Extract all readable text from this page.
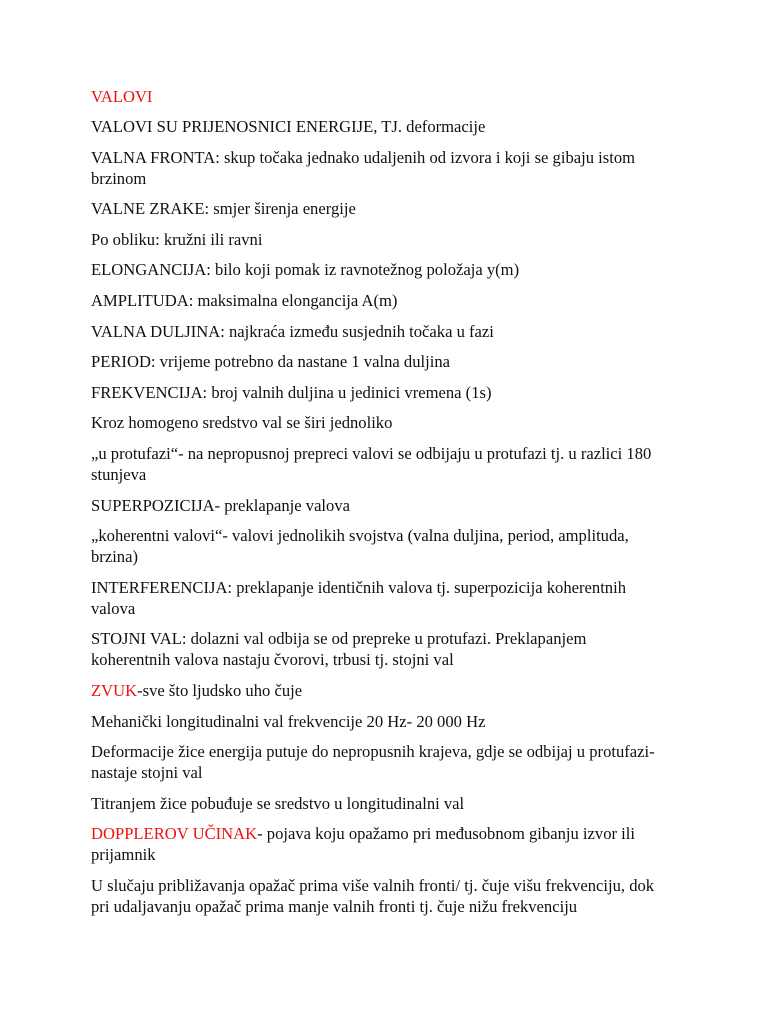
VALOVI

VALOVI SU PRIJENOSNICI ENERGIJE, TJ. deformacije

VALNA FRONTA: skup točaka jednako udaljenih od izvora i koji se gibaju istom brzinom

VALNE ZRAKE: smjer širenja energije

Po obliku: kružni ili ravni

ELONGANCIJA: bilo koji pomak iz ravnotežnog položaja y(m)

AMPLITUDA: maksimalna elongancija A(m)

VALNA DULJINA: najkraća između susjednih točaka u fazi

PERIOD: vrijeme potrebno da nastane 1 valna duljina

FREKVENCIJA: broj valnih duljina u jedinici vremena (1s)

Kroz homogeno sredstvo val se širi jednoliko

„u protufazi“- na nepropusnoj prepreci valovi se odbijaju u protufazi tj. u razlici 180 stunjeva

SUPERPOZICIJA- preklapanje valova

„koherentni valovi“- valovi jednolikih svojstva (valna duljina, period, amplituda, brzina)

INTERFERENCIJA: preklapanje identičnih valova tj. superpozicija koherentnih valova

STOJNI VAL: dolazni val odbija se od prepreke u protufazi. Preklapanjem koherentnih valova nastaju čvorovi, trbusi tj. stojni val

ZVUK-sve što ljudsko uho čuje

Mehanički longitudinalni val frekvencije 20 Hz- 20 000 Hz

Deformacije žice energija putuje do nepropusnih krajeva, gdje se odbijaj u protufazi- nastaje stojni val

Titranjem žice pobuđuje se sredstvo u longitudinalni val

DOPPLEROV UČINAK- pojava koju opažamo pri međusobnom gibanju izvor ili prijamnik

U slučaju približavanja opažač prima više valnih fronti/ tj. čuje višu frekvenciju, dok pri udaljavanju opažač prima manje valnih fronti tj. čuje nižu frekvenciju
